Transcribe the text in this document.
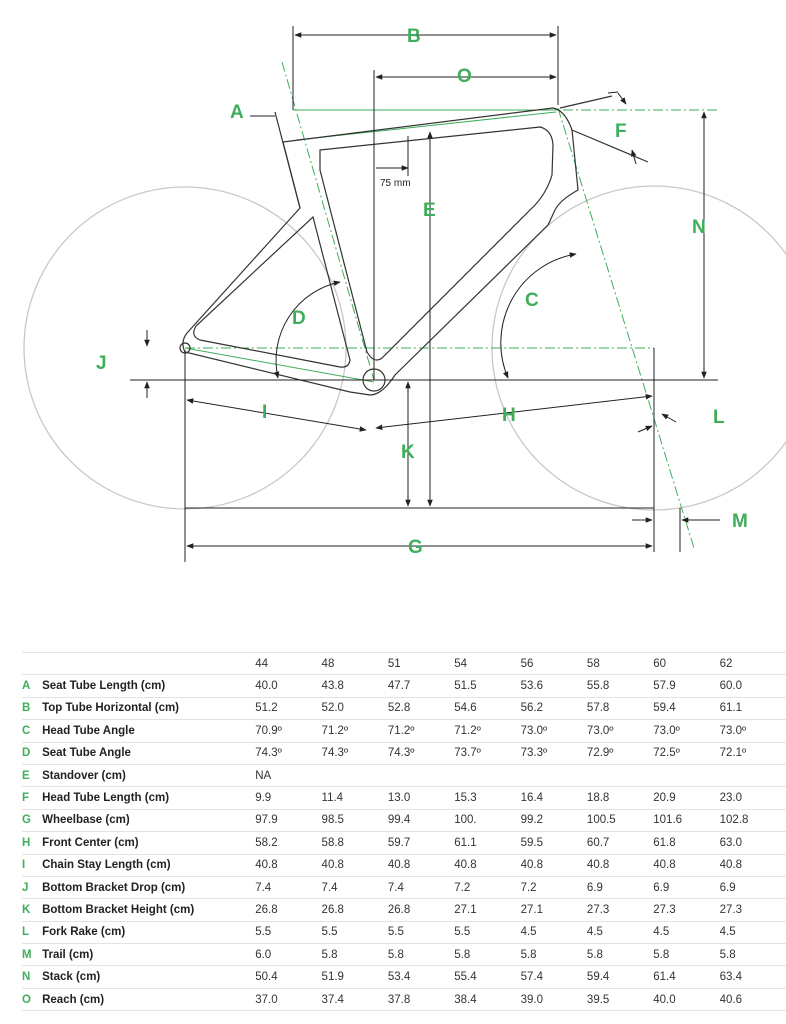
A
B
C
D
E
F
G
H
I
J
K
L
M
N
O
75 mm
		44	48	51	54	56	58	60	62
A	Seat Tube Length (cm)	40.0	43.8	47.7	51.5	53.6	55.8	57.9	60.0
B	Top Tube Horizontal (cm)	51.2	52.0	52.8	54.6	56.2	57.8	59.4	61.1
C	Head Tube Angle	70.9º	71.2º	71.2º	71.2º	73.0º	73.0º	73.0º	73.0º
D	Seat Tube Angle	74.3º	74.3º	74.3º	73.7º	73.3º	72.9º	72.5º	72.1º
E	Standover (cm)	NA							
F	Head Tube Length (cm)	9.9	11.4	13.0	15.3	16.4	18.8	20.9	23.0
G	Wheelbase (cm)	97.9	98.5	99.4	100.	99.2	100.5	101.6	102.8
H	Front Center (cm)	58.2	58.8	59.7	61.1	59.5	60.7	61.8	63.0
I	Chain Stay Length (cm)	40.8	40.8	40.8	40.8	40.8	40.8	40.8	40.8
J	Bottom Bracket Drop (cm)	7.4	7.4	7.4	7.2	7.2	6.9	6.9	6.9
K	Bottom Bracket Height (cm)	26.8	26.8	26.8	27.1	27.1	27.3	27.3	27.3
L	Fork Rake (cm)	5.5	5.5	5.5	5.5	4.5	4.5	4.5	4.5
M	Trail (cm)	6.0	5.8	5.8	5.8	5.8	5.8	5.8	5.8
N	Stack (cm)	50.4	51.9	53.4	55.4	57.4	59.4	61.4	63.4
O	Reach (cm)	37.0	37.4	37.8	38.4	39.0	39.5	40.0	40.6
